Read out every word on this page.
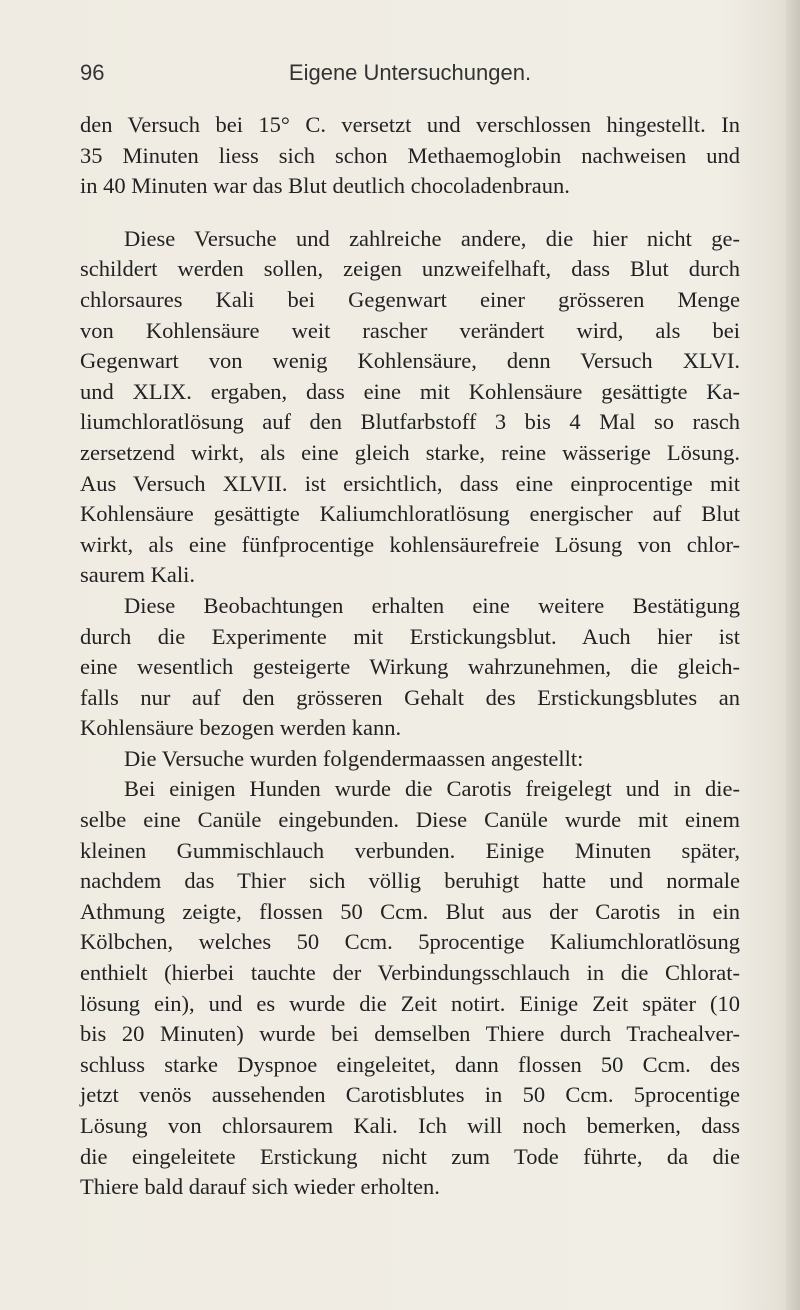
96	Eigene Untersuchungen.
den Versuch bei 15° C. versetzt und verschlossen hingestellt. In
35 Minuten liess sich schon Methaemoglobin nachweisen und
in 40 Minuten war das Blut deutlich chocoladenbraun.
Diese Versuche und zahlreiche andere, die hier nicht ge-
schildert werden sollen, zeigen unzweifelhaft, dass Blut durch
chlorsaures Kali bei Gegenwart einer grösseren Menge
von Kohlensäure weit rascher verändert wird, als bei
Gegenwart von wenig Kohlensäure, denn Versuch XLVI.
und XLIX. ergaben, dass eine mit Kohlensäure gesättigte Ka-
liumchloratlösung auf den Blutfarbstoff 3 bis 4 Mal so rasch
zersetzend wirkt, als eine gleich starke, reine wässerige Lösung.
Aus Versuch XLVII. ist ersichtlich, dass eine einprocentige mit
Kohlensäure gesättigte Kaliumchloratlösung energischer auf Blut
wirkt, als eine fünfprocentige kohlensäurefreie Lösung von chlor-
saurem Kali.
Diese Beobachtungen erhalten eine weitere Bestätigung
durch die Experimente mit Erstickungsblut. Auch hier ist
eine wesentlich gesteigerte Wirkung wahrzunehmen, die gleich-
falls nur auf den grösseren Gehalt des Erstickungsblutes an
Kohlensäure bezogen werden kann.
Die Versuche wurden folgendermaassen angestellt:
Bei einigen Hunden wurde die Carotis freigelegt und in die-
selbe eine Canüle eingebunden. Diese Canüle wurde mit einem
kleinen Gummischlauch verbunden. Einige Minuten später,
nachdem das Thier sich völlig beruhigt hatte und normale
Athmung zeigte, flossen 50 Ccm. Blut aus der Carotis in ein
Kölbchen, welches 50 Ccm. 5procentige Kaliumchloratlösung
enthielt (hierbei tauchte der Verbindungsschlauch in die Chlorat-
lösung ein), und es wurde die Zeit notirt. Einige Zeit später (10
bis 20 Minuten) wurde bei demselben Thiere durch Trachealver-
schluss starke Dyspnoe eingeleitet, dann flossen 50 Ccm. des
jetzt venös aussehenden Carotisblutes in 50 Ccm. 5procentige
Lösung von chlorsaurem Kali. Ich will noch bemerken, dass
die eingeleitete Erstickung nicht zum Tode führte, da die
Thiere bald darauf sich wieder erholten.
